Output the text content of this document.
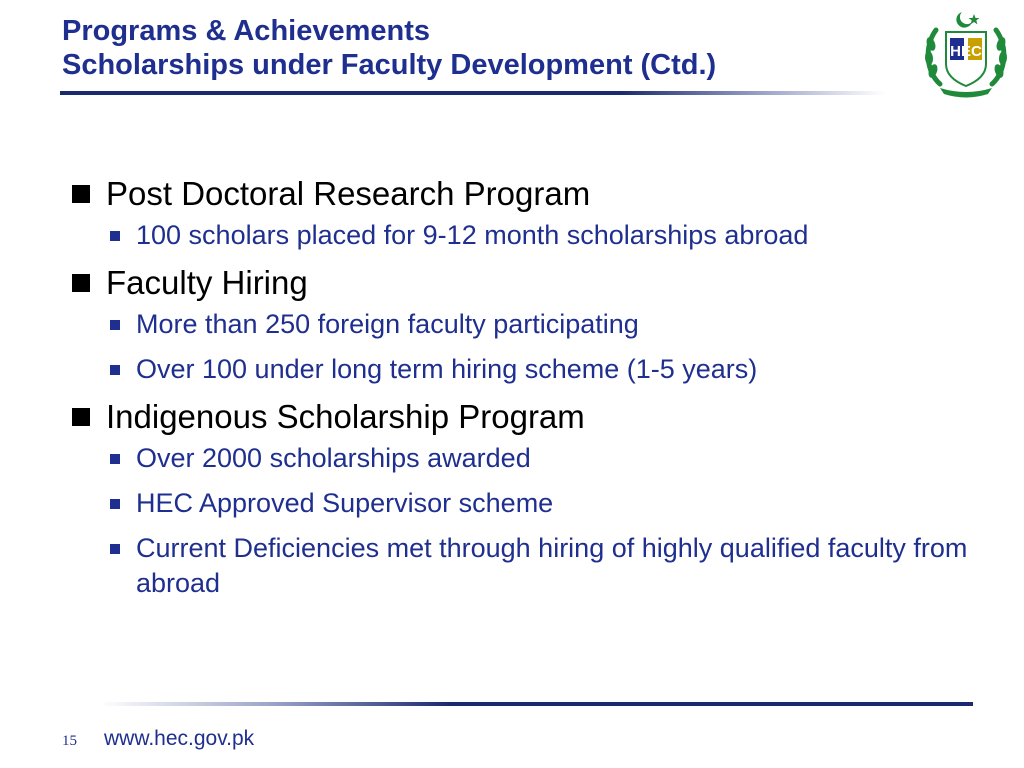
Programs & Achievements
Scholarships under Faculty Development (Ctd.)	HEC
Post Doctoral Research Program
100 scholars placed for 9-12 month scholarships abroad
Faculty Hiring
More than 250 foreign faculty participating
Over 100 under long term hiring scheme (1-5 years)
Indigenous Scholarship Program
Over 2000 scholarships awarded
HEC Approved Supervisor scheme
Current Deficiencies met through hiring of highly qualified faculty from abroad
15 www.hec.gov.pk
